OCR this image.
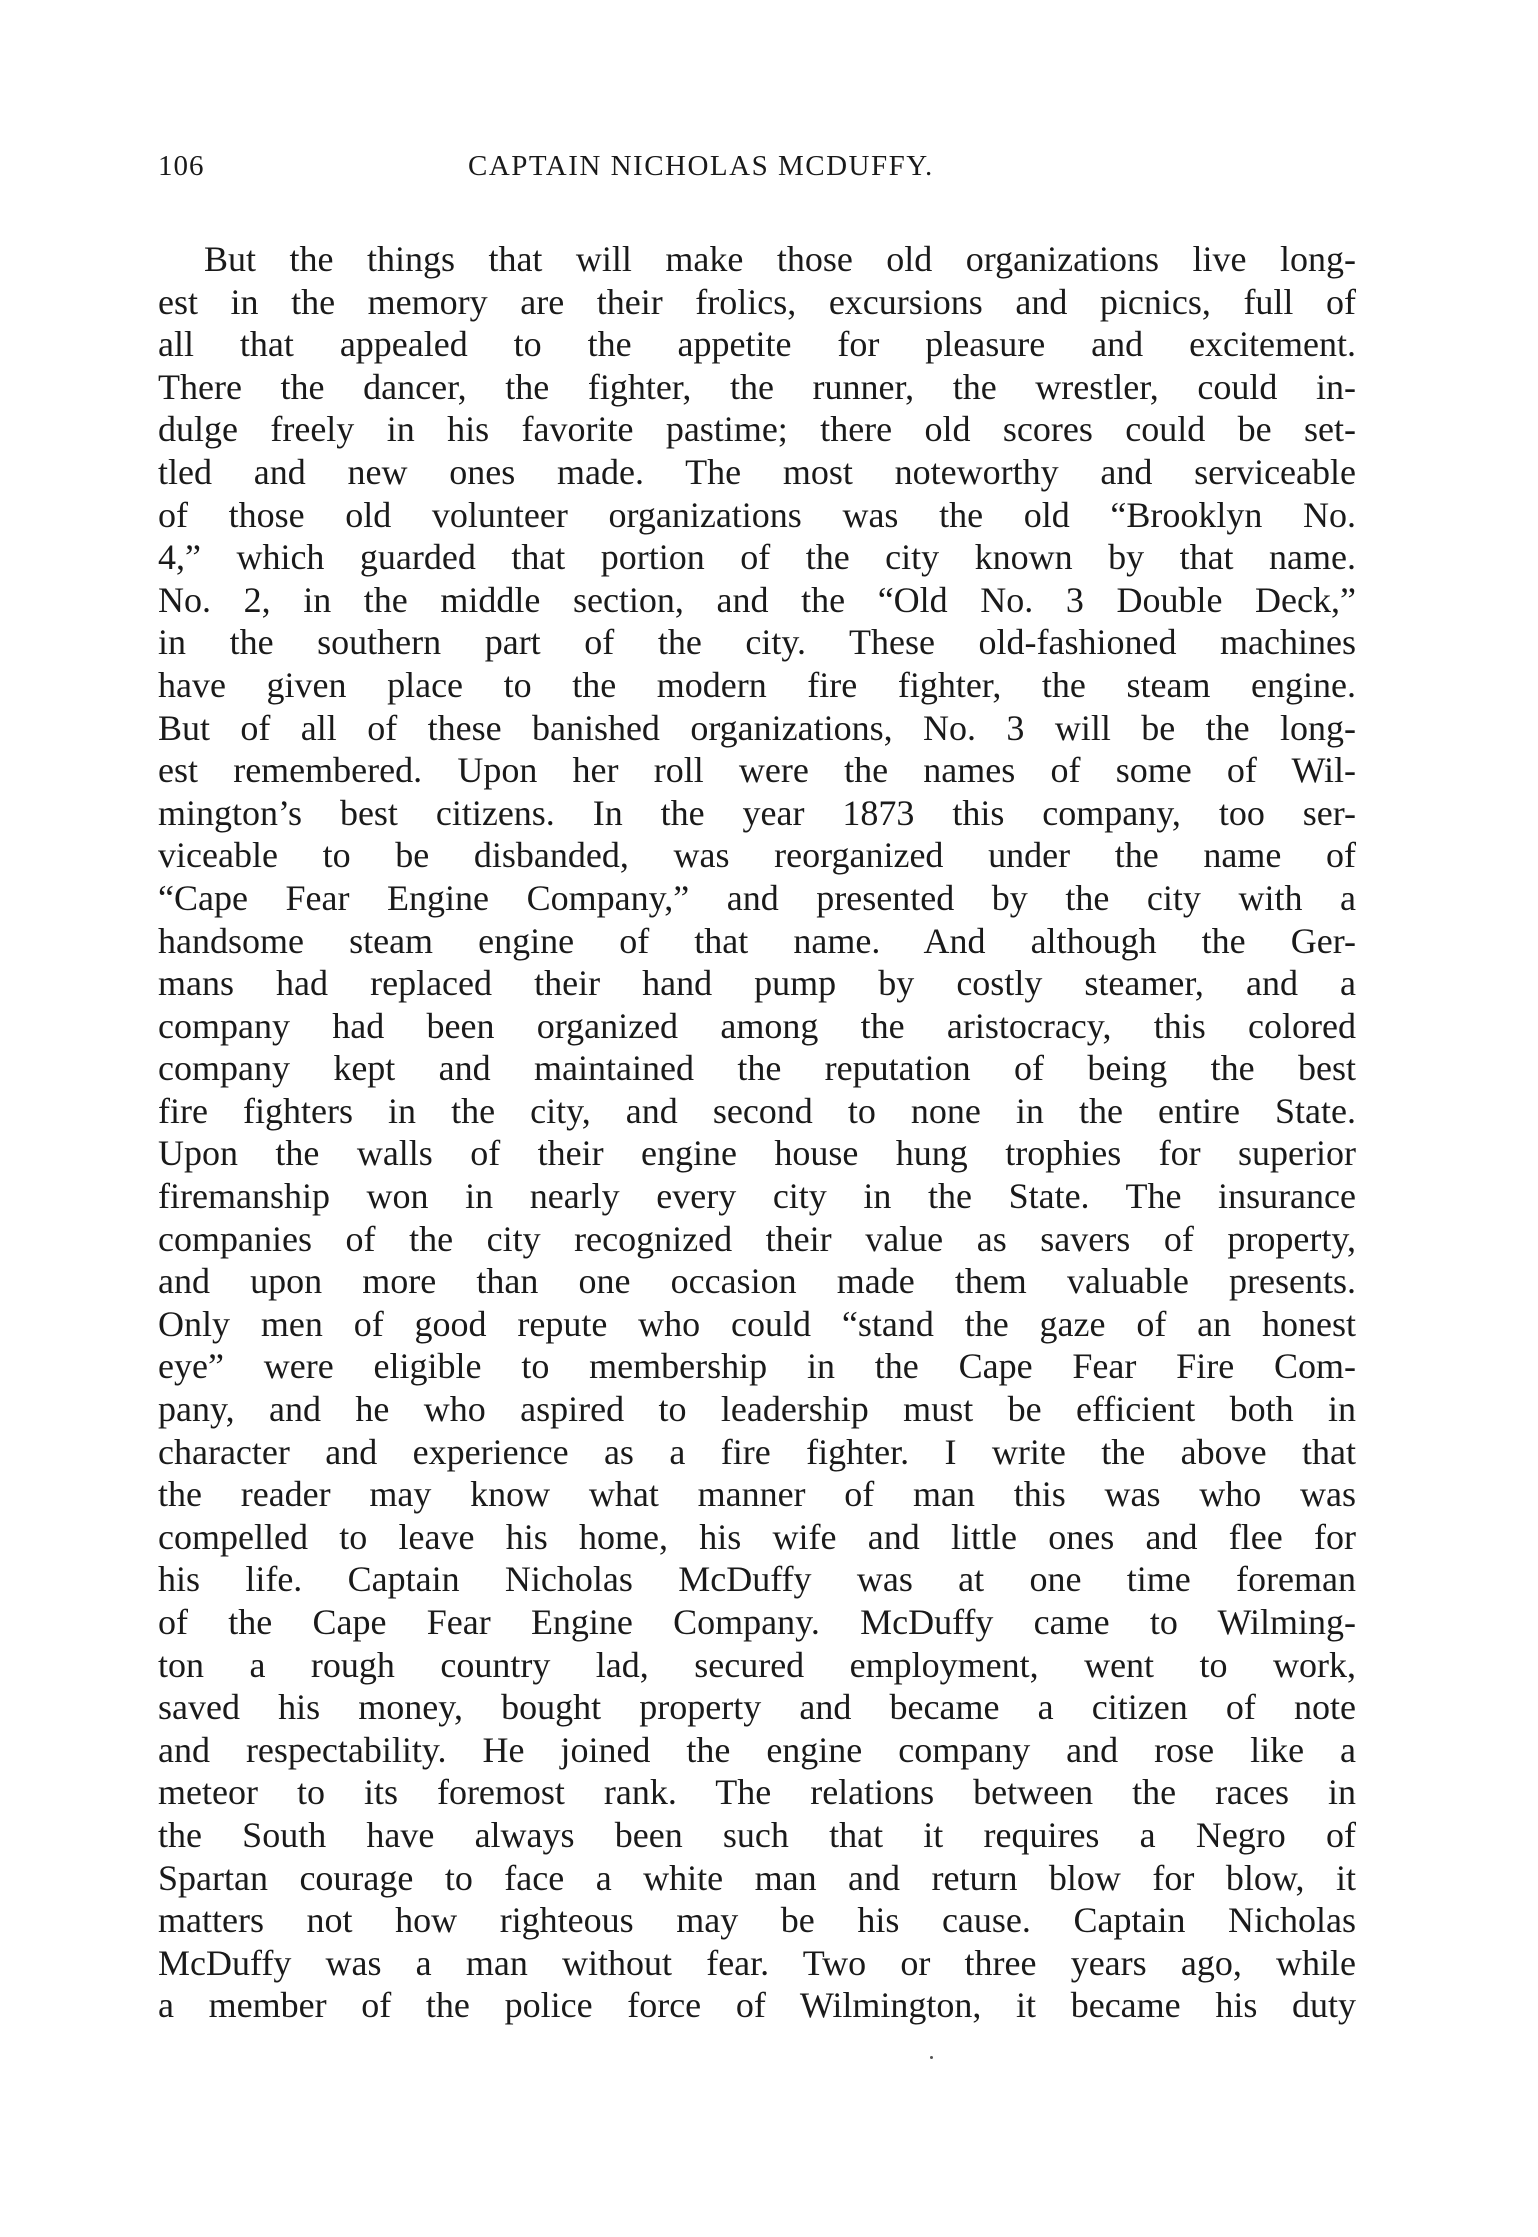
106	CAPTAIN NICHOLAS MCDUFFY.
But the things that will make those old organizations live long-
est in the memory are their frolics, excursions and picnics, full of
all that appealed to the appetite for pleasure and excitement.
There the dancer, the fighter, the runner, the wrestler, could in-
dulge freely in his favorite pastime; there old scores could be set-
tled and new ones made. The most noteworthy and serviceable
of those old volunteer organizations was the old “Brooklyn No.
4,” which guarded that portion of the city known by that name.
No. 2, in the middle section, and the “Old No. 3 Double Deck,”
in the southern part of the city. These old-fashioned machines
have given place to the modern fire fighter, the steam engine.
But of all of these banished organizations, No. 3 will be the long-
est remembered. Upon her roll were the names of some of Wil-
mington’s best citizens. In the year 1873 this company, too ser-
viceable to be disbanded, was reorganized under the name of
“Cape Fear Engine Company,” and presented by the city with a
handsome steam engine of that name. And although the Ger-
mans had replaced their hand pump by costly steamer, and a
company had been organized among the aristocracy, this colored
company kept and maintained the reputation of being the best
fire fighters in the city, and second to none in the entire State.
Upon the walls of their engine house hung trophies for superior
firemanship won in nearly every city in the State. The insurance
companies of the city recognized their value as savers of property,
and upon more than one occasion made them valuable presents.
Only men of good repute who could “stand the gaze of an honest
eye” were eligible to membership in the Cape Fear Fire Com-
pany, and he who aspired to leadership must be efficient both in
character and experience as a fire fighter. I write the above that
the reader may know what manner of man this was who was
compelled to leave his home, his wife and little ones and flee for
his life. Captain Nicholas McDuffy was at one time foreman
of the Cape Fear Engine Company. McDuffy came to Wilming-
ton a rough country lad, secured employment, went to work,
saved his money, bought property and became a citizen of note
and respectability. He joined the engine company and rose like a
meteor to its foremost rank. The relations between the races in
the South have always been such that it requires a Negro of
Spartan courage to face a white man and return blow for blow, it
matters not how righteous may be his cause. Captain Nicholas
McDuffy was a man without fear. Two or three years ago, while
a member of the police force of Wilmington, it became his duty
